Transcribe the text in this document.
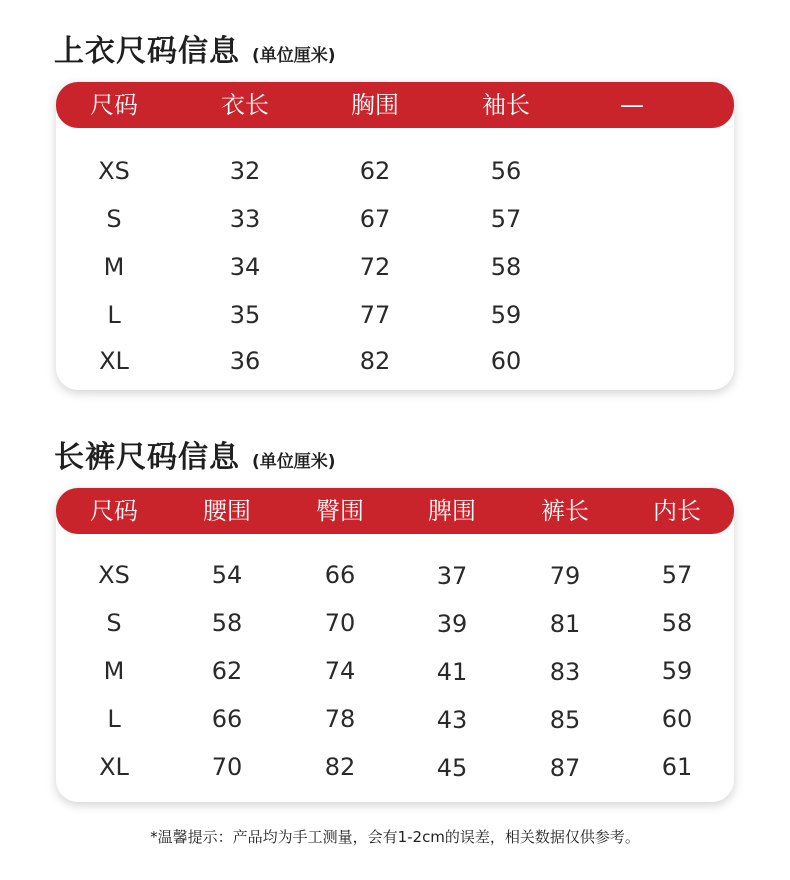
上衣尺码信息 (单位厘米)
尺码	衣长	胸围	袖长	—
XS	32	62	56
S	33	67	57
M	34	72	58
L	35	77	59
XL	36	82	60
长裤尺码信息 (单位厘米)
尺码	腰围	臀围	脾围	裤长	内长
XS	54	66	37	79	57
S	58	70	39	81	58
M	62	74	41	83	59
L	66	78	43	85	60
XL	70	82	45	87	61
*温馨提示：产品均为手工测量，会有1-2cm的误差，相关数据仅供参考。
